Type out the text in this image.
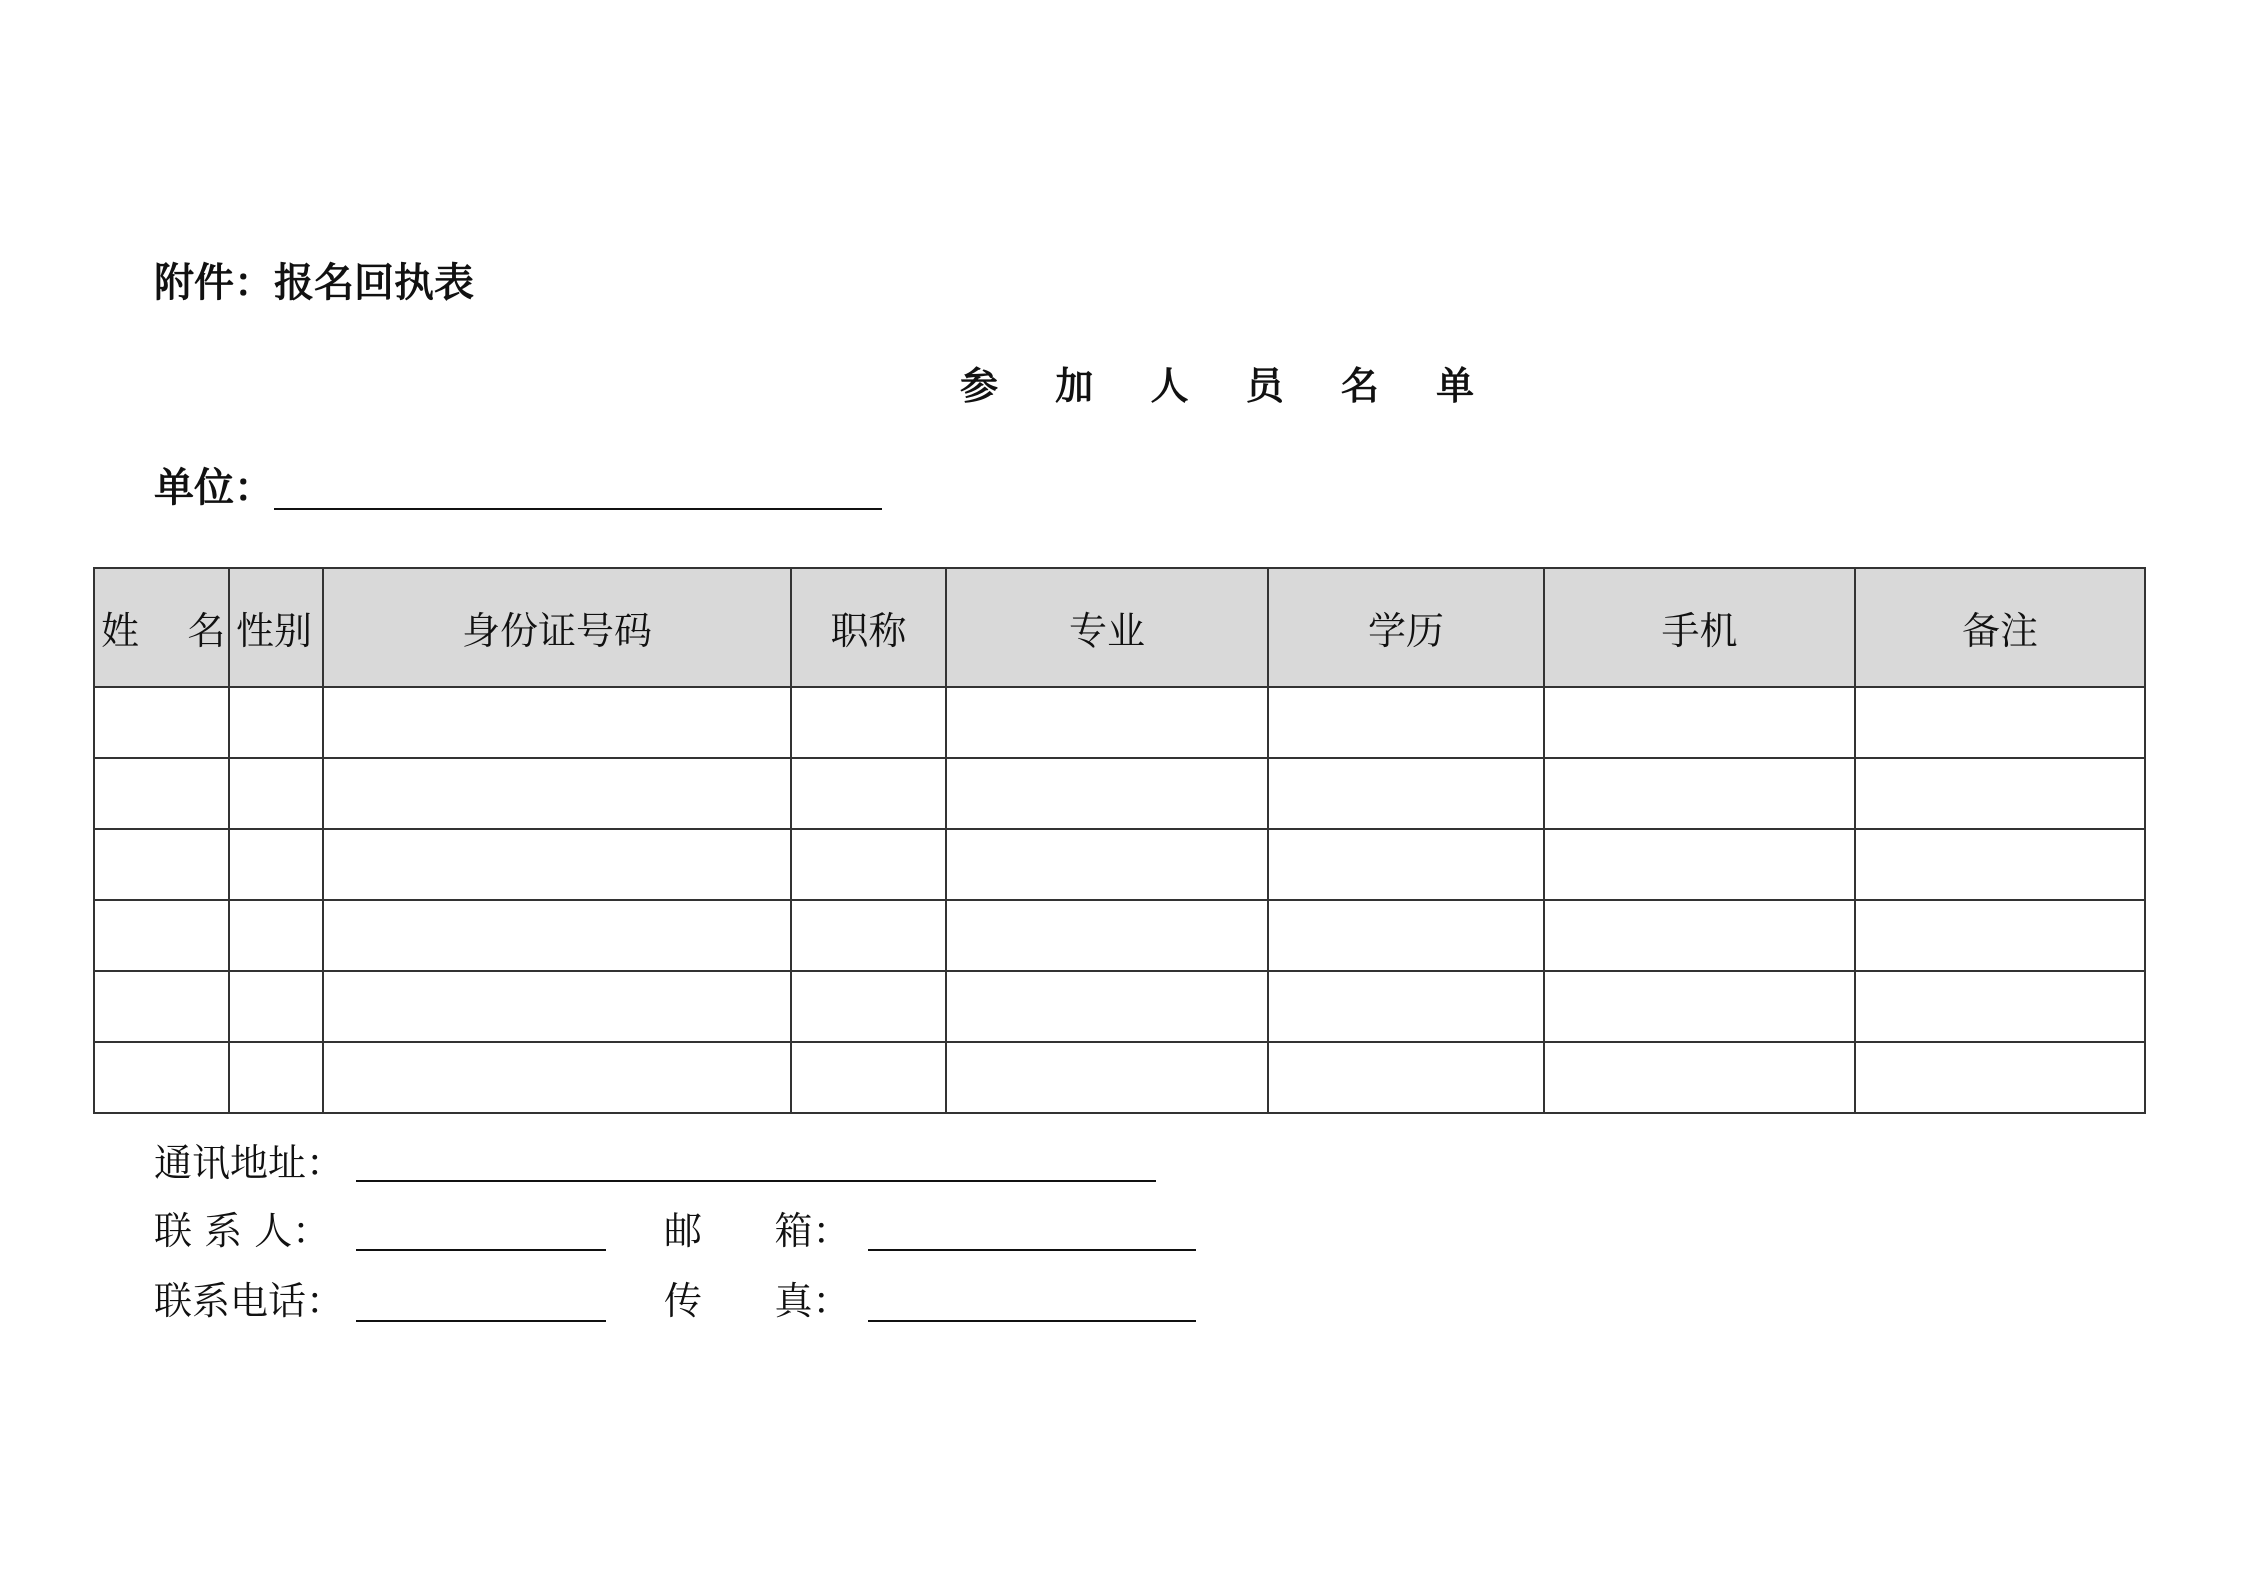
附件：报名回执表
参 加 人 员 名 单
单位：
姓    名	性别	身份证号码	职称	专业	学历	手机	备注

通讯地址：
联 系 人：	邮      箱：
联系电话：	传      真：
